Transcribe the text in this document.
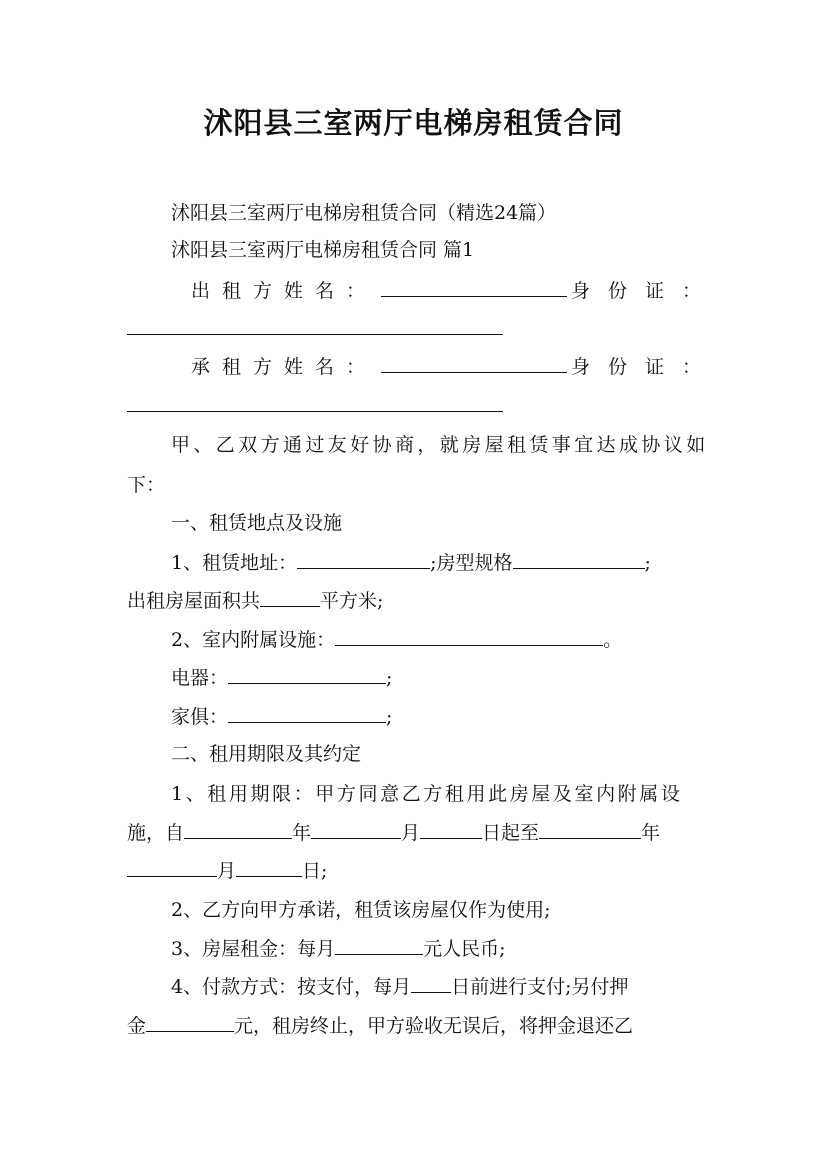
沭阳县三室两厅电梯房租赁合同
沭阳县三室两厅电梯房租赁合同（精选24篇）
沭阳县三室两厅电梯房租赁合同 篇1
出租方姓名：	身份证：
承租方姓名：	身份证：
甲、乙双方通过友好协商，就房屋租赁事宜达成协议如
下：
一、租赁地点及设施
1、租赁地址：	;房型规格	;
出租房屋面积共	平方米;
2、室内附属设施：	。
电器：	;
家俱：	;
二、租用期限及其约定
1、租用期限：甲方同意乙方租用此房屋及室内附属设
施，自	年	月	日起至	年
月	日;
2、乙方向甲方承诺，租赁该房屋仅作为使用;
3、房屋租金：每月	元人民币;
4、付款方式：按支付，每月 日前进行支付;另付押
金	元，租房终止，甲方验收无误后，将押金退还乙
